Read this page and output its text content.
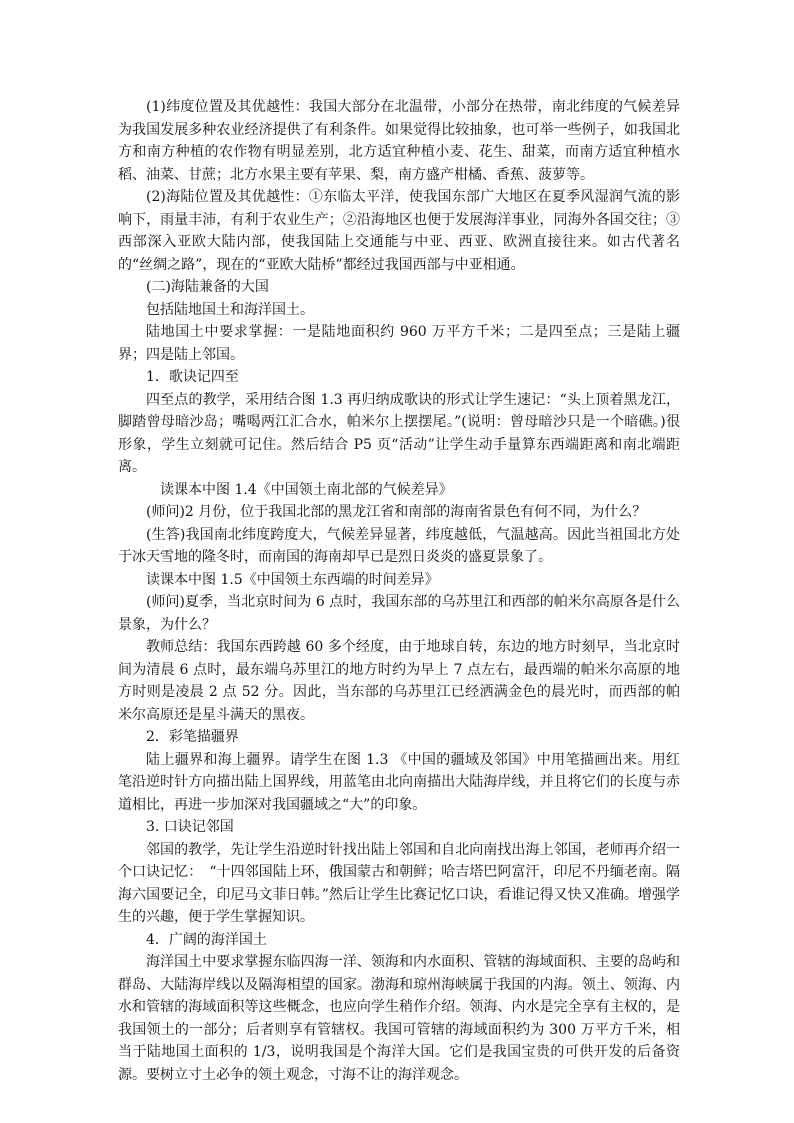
(1)纬度位置及其优越性：我国大部分在北温带，小部分在热带，南北纬度的气候差异为我国发展多种农业经济提供了有利条件。如果觉得比较抽象，也可举一些例子，如我国北方和南方种植的农作物有明显差别，北方适宜种植小麦、花生、甜菜，而南方适宜种植水稻、油菜、甘蔗；北方水果主要有苹果、梨，南方盛产柑橘、香蕉、菠萝等。

(2)海陆位置及其优越性：①东临太平洋，使我国东部广大地区在夏季风湿润气流的影响下，雨量丰沛，有利于农业生产；②沿海地区也便于发展海洋事业，同海外各国交往；③西部深入亚欧大陆内部，使我国陆上交通能与中亚、西亚、欧洲直接往来。如古代著名的“丝绸之路”，现在的“亚欧大陆桥”都经过我国西部与中亚相通。

(二)海陆兼备的大国

包括陆地国土和海洋国土。

陆地国土中要求掌握：一是陆地面积约 960 万平方千米；二是四至点；三是陆上疆界；四是陆上邻国。

1．歌诀记四至

四至点的教学，采用结合图 1.3 再归纳成歌诀的形式让学生速记：“头上顶着黑龙江，脚踏曾母暗沙岛；嘴喝两江汇合水，帕米尔上摆摆尾。”(说明：曾母暗沙只是一个暗礁。)很形象，学生立刻就可记住。然后结合 P5 页“活动”让学生动手量算东西端距离和南北端距离。

读课本中图 1.4《中国领土南北部的气候差异》

(师问)2 月份，位于我国北部的黑龙江省和南部的海南省景色有何不同，为什么？

(生答)我国南北纬度跨度大，气候差异显著，纬度越低，气温越高。因此当祖国北方处于冰天雪地的隆冬时，而南国的海南却早已是烈日炎炎的盛夏景象了。

读课本中图 1.5《中国领土东西端的时间差异》

(师问)夏季，当北京时间为 6 点时，我国东部的乌苏里江和西部的帕米尔高原各是什么景象，为什么？

教师总结：我国东西跨越 60 多个经度，由于地球自转，东边的地方时刻早，当北京时间为清晨 6 点时，最东端乌苏里江的地方时约为早上 7 点左右，最西端的帕米尔高原的地方时则是凌晨 2 点 52 分。因此，当东部的乌苏里江已经洒满金色的晨光时，而西部的帕米尔高原还是星斗满天的黑夜。

2．彩笔描疆界

陆上疆界和海上疆界。请学生在图 1.3 《中国的疆域及邻国》中用笔描画出来。用红笔沿逆时针方向描出陆上国界线，用蓝笔由北向南描出大陆海岸线，并且将它们的长度与赤道相比，再进一步加深对我国疆域之“大”的印象。

3. 口诀记邻国

邻国的教学，先让学生沿逆时针找出陆上邻国和自北向南找出海上邻国，老师再介绍一个口诀记忆：　“十四邻国陆上环，俄国蒙古和朝鲜；哈吉塔巴阿富汗，印尼不丹缅老南。隔海六国要记全，印尼马文菲日韩。”然后让学生比赛记忆口诀，看谁记得又快又准确。增强学生的兴趣，便于学生掌握知识。

4．广阔的海洋国土

海洋国土中要求掌握东临四海一洋、领海和内水面积、管辖的海域面积、主要的岛屿和群岛、大陆海岸线以及隔海相望的国家。渤海和琼州海峡属于我国的内海。领土、领海、内水和管辖的海域面积等这些概念，也应向学生稍作介绍。领海、内水是完全享有主权的，是我国领土的一部分；后者则享有管辖权。我国可管辖的海域面积约为 300 万平方千米，相当于陆地国土面积的 1/3，说明我国是个海洋大国。它们是我国宝贵的可供开发的后备资源。要树立寸土必争的领土观念，寸海不让的海洋观念。
